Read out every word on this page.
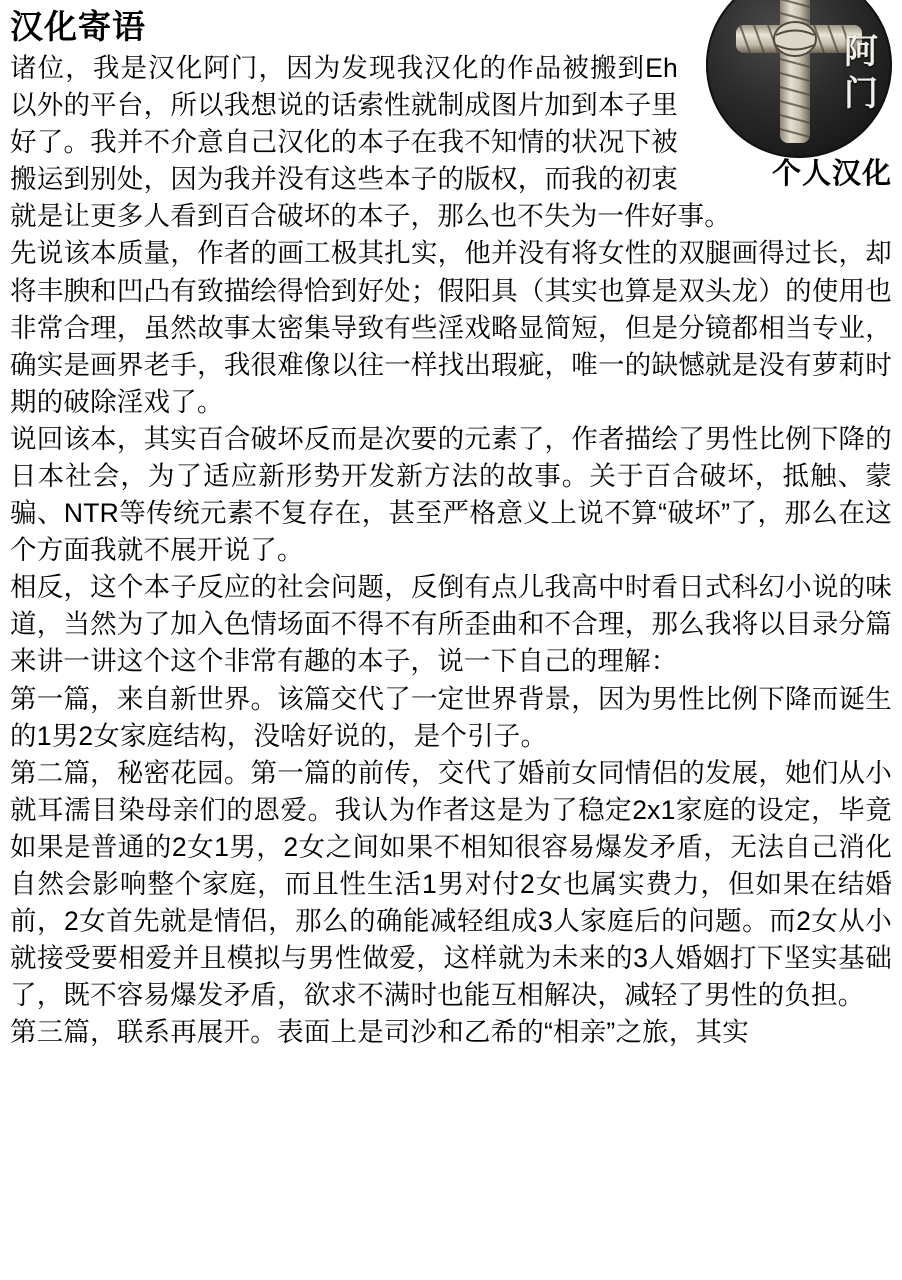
阿
门
个人汉化
汉化寄语

诸位，我是汉化阿门，因为发现我汉化的作品被搬到Eh以外的平台，所以我想说的话索性就制成图片加到本子里好了。我并不介意自己汉化的本子在我不知情的状况下被搬运到别处，因为我并没有这些本子的版权，而我的初衷就是让更多人看到百合破坏的本子，那么也不失为一件好事。

先说该本质量，作者的画工极其扎实，他并没有将女性的双腿画得过长，却将丰腴和凹凸有致描绘得恰到好处；假阳具（其实也算是双头龙）的使用也非常合理，虽然故事太密集导致有些淫戏略显简短，但是分镜都相当专业，确实是画界老手，我很难像以往一样找出瑕疵，唯一的缺憾就是没有萝莉时期的破除淫戏了。

说回该本，其实百合破坏反而是次要的元素了，作者描绘了男性比例下降的日本社会，为了适应新形势开发新方法的故事。关于百合破坏，抵触、蒙骗、NTR等传统元素不复存在，甚至严格意义上说不算“破坏”了，那么在这个方面我就不展开说了。

相反，这个本子反应的社会问题，反倒有点儿我高中时看日式科幻小说的味道，当然为了加入色情场面不得不有所歪曲和不合理，那么我将以目录分篇来讲一讲这个这个非常有趣的本子，说一下自己的理解：

第一篇，来自新世界。该篇交代了一定世界背景，因为男性比例下降而诞生的1男2女家庭结构，没啥好说的，是个引子。

第二篇，秘密花园。第一篇的前传，交代了婚前女同情侣的发展，她们从小就耳濡目染母亲们的恩爱。我认为作者这是为了稳定2x1家庭的设定，毕竟如果是普通的2女1男，2女之间如果不相知很容易爆发矛盾，无法自己消化自然会影响整个家庭，而且性生活1男对付2女也属实费力，但如果在结婚前，2女首先就是情侣，那么的确能减轻组成3人家庭后的问题。而2女从小就接受要相爱并且模拟与男性做爱，这样就为未来的3人婚姻打下坚实基础了，既不容易爆发矛盾，欲求不满时也能互相解决，减轻了男性的负担。

第三篇，联系再展开。表面上是司沙和乙希的“相亲”之旅，其实
